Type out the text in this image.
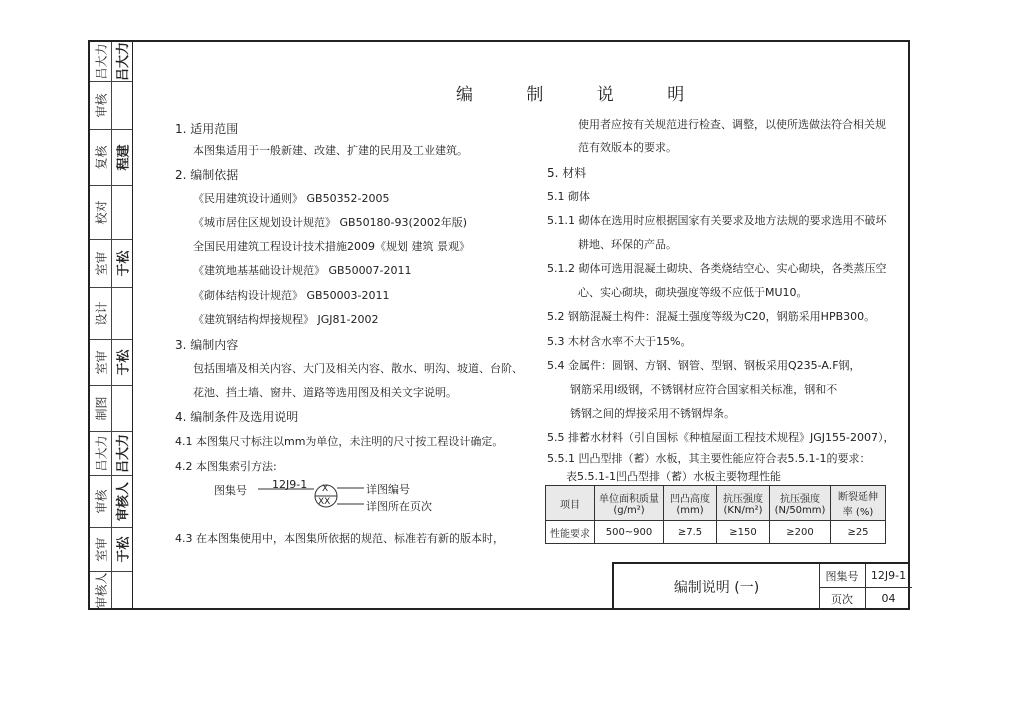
吕大力 吕大力
审核
复核 程建
校对
室审 于松
设计
室审 于松
制图
吕大力 吕大力
审核 审核人
室审 于松
审核人
编 制 说 明
1. 适用范围
本图集适用于一般新建、改建、扩建的民用及工业建筑。
2. 编制依据
《民用建筑设计通则》 GB50352-2005
《城市居住区规划设计规范》 GB50180-93(2002年版)
全国民用建筑工程设计技术措施2009《规划 建筑 景观》
《建筑地基基础设计规范》 GB50007-2011
《砌体结构设计规范》 GB50003-2011
《建筑钢结构焊接规程》 JGJ81-2002
3. 编制内容
包括围墙及相关内容、大门及相关内容、散水、明沟、坡道、台阶、
花池、挡土墙、窗井、道路等选用图及相关文字说明。
4. 编制条件及选用说明
4.1 本图集尺寸标注以mm为单位，未注明的尺寸按工程设计确定。
4.2 本图集索引方法:
图集号 12J9-1 X
XX
详图编号
详图所在页次
4.3 在本图集使用中，本图集所依据的规范、标准若有新的版本时，
使用者应按有关规范进行检查、调整，以使所选做法符合相关规
范有效版本的要求。
5. 材料
5.1 砌体
5.1.1 砌体在选用时应根据国家有关要求及地方法规的要求选用不破坏
耕地、环保的产品。
5.1.2 砌体可选用混凝土砌块、各类烧结空心、实心砌块，各类蒸压空
心、实心砌块，砌块强度等级不应低于MU10。
5.2 钢筋混凝土构件：混凝土强度等级为C20，钢筋采用HPB300。
5.3 木材含水率不大于15%。
5.4 金属件：圆钢、方钢、钢管、型钢、钢板采用Q235-A.F钢，
钢筋采用Ⅰ级钢，不锈钢材应符合国家相关标准，钢和不
锈钢之间的焊接采用不锈钢焊条。
5.5 排蓄水材料（引自国标《种植屋面工程技术规程》JGJ155-2007），
5.5.1 凹凸型排（蓄）水板，其主要性能应符合表5.5.1-1的要求：
表5.5.1-1凹凸型排（蓄）水板主要物理性能
项目	单位面积质量 (g/m²)	凹凸高度 (mm)	抗压强度 (KN/m²)	抗压强度 (N/50mm)	断裂延伸率 (%)
性能要求	500~900	≥7.5	≥150	≥200	≥25
编制说明 (一)
图集号	12J9-1
页次	04
